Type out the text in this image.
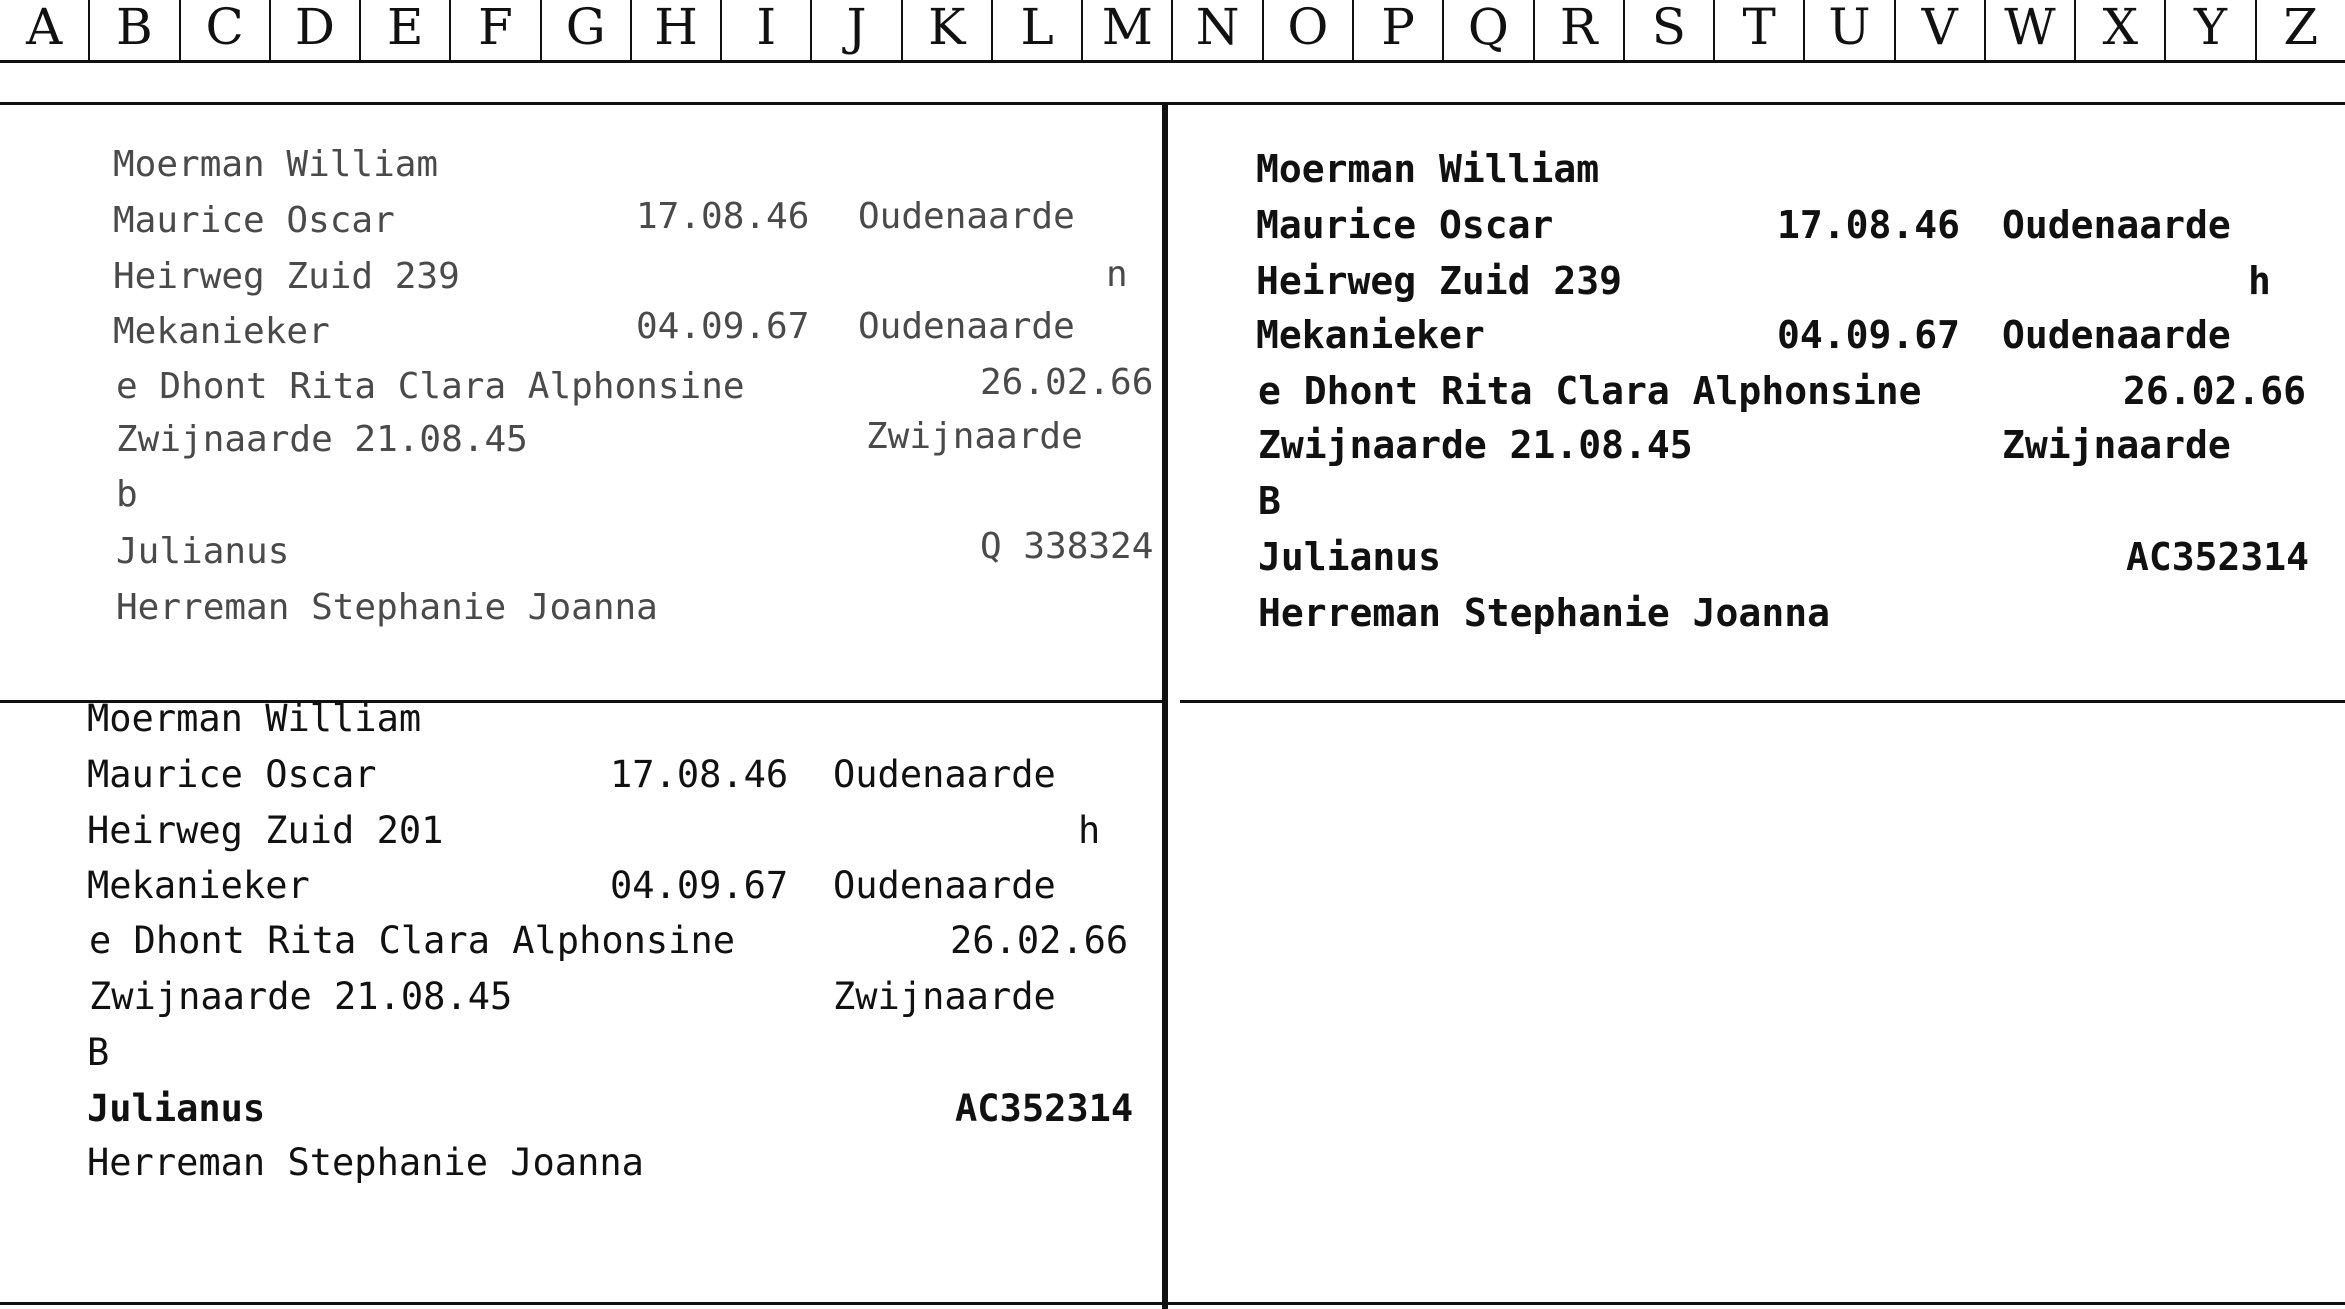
A	B	C	D	E	F	G H	I	J	K	L M N O	P	Q	R	S	T	U	V W X	Y	Z
Moerman William
Maurice Oscar	17.08.46 Oudenaarde
Heirweg Zuid 239	n
Mekanieker	04.09.67 Oudenaarde
e Dhont Rita Clara Alphonsine	26.02.66
Zwijnaarde 21.08.45	Zwijnaarde
b
Julianus	Q 338324
Herreman Stephanie Joanna
Moerman William
Maurice Oscar	17.08.46 Oudenaarde
Heirweg Zuid 239	h
Mekanieker	04.09.67 Oudenaarde
e Dhont Rita Clara Alphonsine	26.02.66
Zwijnaarde 21.08.45	Zwijnaarde
B
Julianus	AC352314
Herreman Stephanie Joanna
Moerman William
Maurice Oscar	17.08.46 Oudenaarde
Heirweg Zuid 201	h
Mekanieker	04.09.67 Oudenaarde
e Dhont Rita Clara Alphonsine	26.02.66
Zwijnaarde 21.08.45	Zwijnaarde
B
Julianus	AC352314
Herreman Stephanie Joanna
